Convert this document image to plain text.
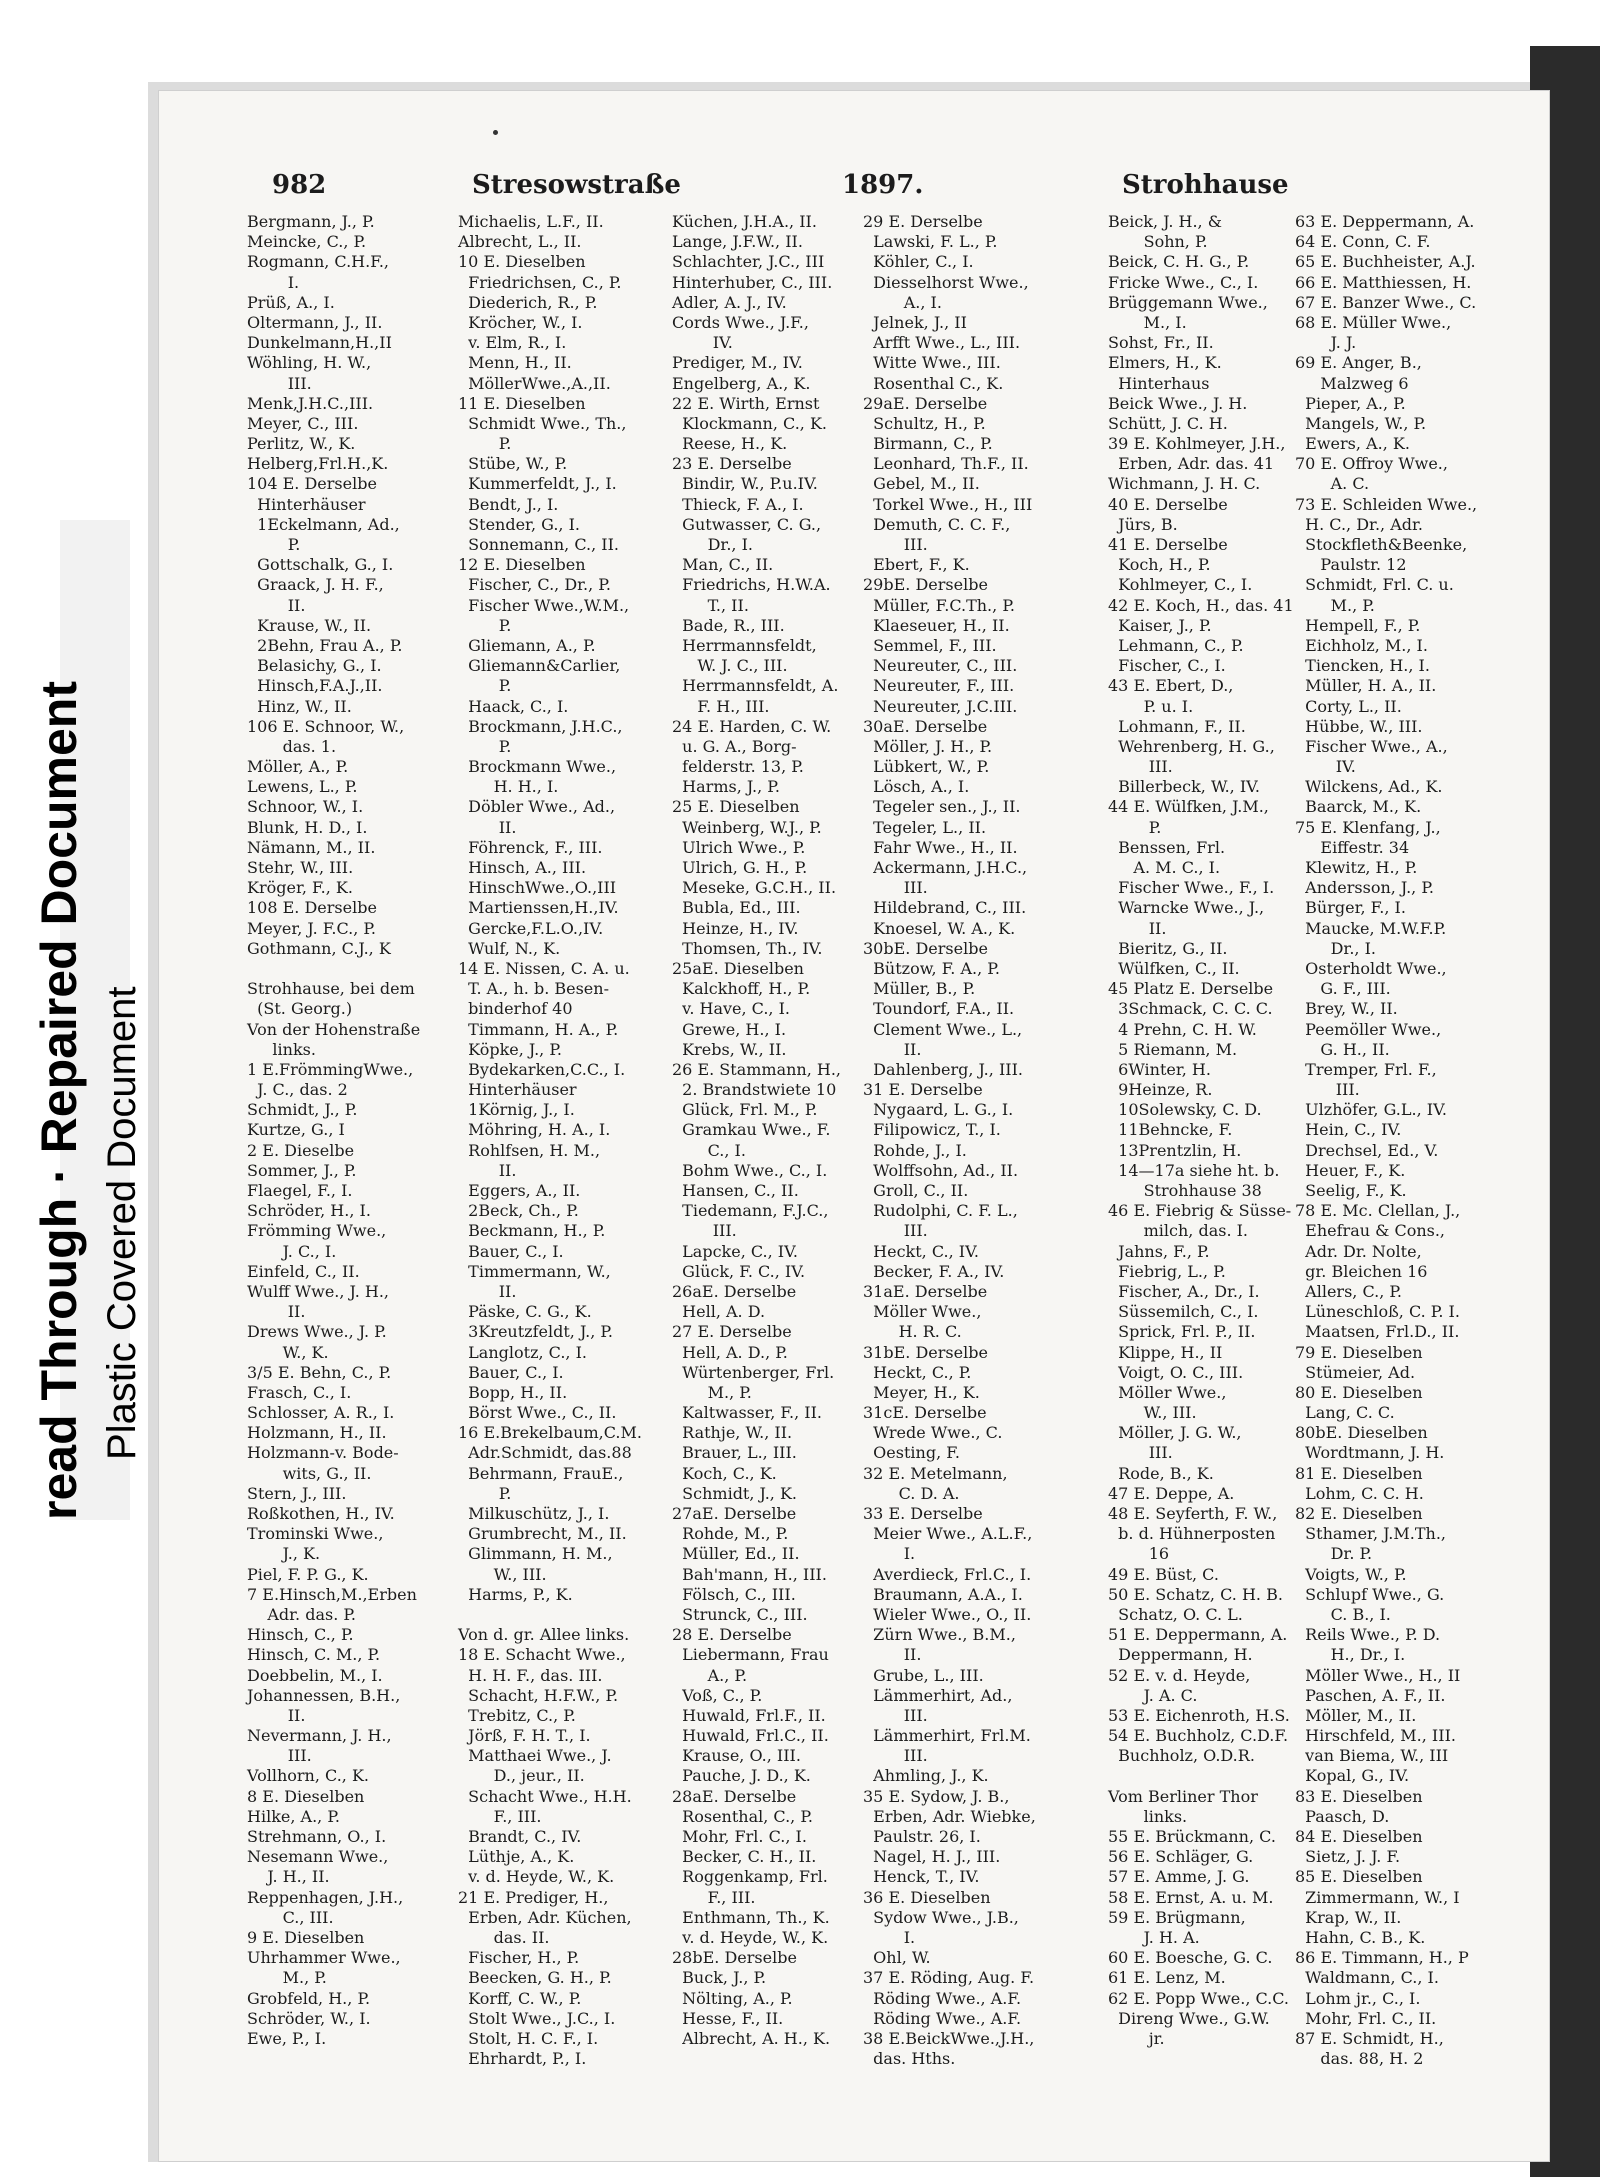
read Through · Repaired Document Plastic Covered Document
982	Stresowstraße	1897.	Strohhause
Bergmann, J., P.
Meincke, C., P.
Rogmann, C.H.F.,
I.
Prüß, A., I.
Oltermann, J., II.
Dunkelmann,H.,II
Wöhling, H. W.,
III.
Menk,J.H.C.,III.
Meyer, C., III.
Perlitz, W., K.
Helberg,Frl.H.,K.
104 E. Derselbe
Hinterhäuser
1Eckelmann, Ad.,
P.
Gottschalk, G., I.
Graack, J. H. F.,
II.
Krause, W., II.
2Behn, Frau A., P.
Belasichy, G., I.
Hinsch,F.A.J.,II.
Hinz, W., II.
106 E. Schnoor, W.,
das. 1.
Möller, A., P.
Lewens, L., P.
Schnoor, W., I.
Blunk, H. D., I.
Nämann, M., II.
Stehr, W., III.
Kröger, F., K.
108 E. Derselbe
Meyer, J. F.C., P.
Gothmann, C.J., K
Strohhause, bei dem
(St. Georg.)
Von der Hohenstraße
links.
1 E.FrömmingWwe.,
J. C., das. 2
Schmidt, J., P.
Kurtze, G., I
2 E. Dieselbe
Sommer, J., P.
Flaegel, F., I.
Schröder, H., I.
Frömming Wwe.,
J. C., I.
Einfeld, C., II.
Wulff Wwe., J. H.,
II.
Drews Wwe., J. P.
W., K.
3/5 E. Behn, C., P.
Frasch, C., I.
Schlosser, A. R., I.
Holzmann, H., II.
Holzmann-v. Bode-
wits, G., II.
Stern, J., III.
Roßkothen, H., IV.
Trominski Wwe.,
J., K.
Piel, F. P. G., K.
7 E.Hinsch,M.,Erben
Adr. das. P.
Hinsch, C., P.
Hinsch, C. M., P.
Doebbelin, M., I.
Johannessen, B.H.,
II.
Nevermann, J. H.,
III.
Vollhorn, C., K.
8 E. Dieselben
Hilke, A., P.
Strehmann, O., I.
Nesemann Wwe.,
J. H., II.
Reppenhagen, J.H.,
C., III.
9 E. Dieselben
Uhrhammer Wwe.,
M., P.
Grobfeld, H., P.
Schröder, W., I.
Ewe, P., I.
Michaelis, L.F., II.
Albrecht, L., II.
10 E. Dieselben
Friedrichsen, C., P.
Diederich, R., P.
Kröcher, W., I.
v. Elm, R., I.
Menn, H., II.
MöllerWwe.,A.,II.
11 E. Dieselben
Schmidt Wwe., Th.,
P.
Stübe, W., P.
Kummerfeldt, J., I.
Bendt, J., I.
Stender, G., I.
Sonnemann, C., II.
12 E. Dieselben
Fischer, C., Dr., P.
Fischer Wwe.,W.M.,
P.
Gliemann, A., P.
Gliemann&Carlier,
P.
Haack, C., I.
Brockmann, J.H.C.,
P.
Brockmann Wwe.,
H. H., I.
Döbler Wwe., Ad.,
II.
Föhrenck, F., III.
Hinsch, A., III.
HinschWwe.,O.,III
Martienssen,H.,IV.
Gercke,F.L.O.,IV.
Wulf, N., K.
14 E. Nissen, C. A. u.
T. A., h. b. Besen-
binderhof 40
Timmann, H. A., P.
Köpke, J., P.
Bydekarken,C.C., I.
Hinterhäuser
1Körnig, J., I.
Möhring, H. A., I.
Rohlfsen, H. M.,
II.
Eggers, A., II.
2Beck, Ch., P.
Beckmann, H., P.
Bauer, C., I.
Timmermann, W.,
II.
Päske, C. G., K.
3Kreutzfeldt, J., P.
Langlotz, C., I.
Bauer, C., I.
Bopp, H., II.
Börst Wwe., C., II.
16 E.Brekelbaum,C.M.
Adr.Schmidt, das.88
Behrmann, FrauE.,
P.
Milkuschütz, J., I.
Grumbrecht, M., II.
Glimmann, H. M.,
W., III.
Harms, P., K.
Von d. gr. Allee links.
18 E. Schacht Wwe.,
H. H. F., das. III.
Schacht, H.F.W., P.
Trebitz, C., P.
Jörß, F. H. T., I.
Matthaei Wwe., J.
D., jeur., II.
Schacht Wwe., H.H.
F., III.
Brandt, C., IV.
Lüthje, A., K.
v. d. Heyde, W., K.
21 E. Prediger, H.,
Erben, Adr. Küchen,
das. II.
Fischer, H., P.
Beecken, G. H., P.
Korff, C. W., P.
Stolt Wwe., J.C., I.
Stolt, H. C. F., I.
Ehrhardt, P., I.
Küchen, J.H.A., II.
Lange, J.F.W., II.
Schlachter, J.C., III
Hinterhuber, C., III.
Adler, A. J., IV.
Cords Wwe., J.F.,
IV.
Prediger, M., IV.
Engelberg, A., K.
22 E. Wirth, Ernst
Klockmann, C., K.
Reese, H., K.
23 E. Derselbe
Bindir, W., P.u.IV.
Thieck, F. A., I.
Gutwasser, C. G.,
Dr., I.
Man, C., II.
Friedrichs, H.W.A.
T., II.
Bade, R., III.
Herrmannsfeldt,
W. J. C., III.
Herrmannsfeldt, A.
F. H., III.
24 E. Harden, C. W.
u. G. A., Borg-
felderstr. 13, P.
Harms, J., P.
25 E. Dieselben
Weinberg, W.J., P.
Ulrich Wwe., P.
Ulrich, G. H., P.
Meseke, G.C.H., II.
Bubla, Ed., III.
Heinze, H., IV.
Thomsen, Th., IV.
25aE. Dieselben
Kalckhoff, H., P.
v. Have, C., I.
Grewe, H., I.
Krebs, W., II.
26 E. Stammann, H.,
2. Brandstwiete 10
Glück, Frl. M., P.
Gramkau Wwe., F.
C., I.
Bohm Wwe., C., I.
Hansen, C., II.
Tiedemann, F.J.C.,
III.
Lapcke, C., IV.
Glück, F. C., IV.
26aE. Derselbe
Hell, A. D.
27 E. Derselbe
Hell, A. D., P.
Würtenberger, Frl.
M., P.
Kaltwasser, F., II.
Rathje, W., II.
Brauer, L., III.
Koch, C., K.
Schmidt, J., K.
27aE. Derselbe
Rohde, M., P.
Müller, Ed., II.
Bah'mann, H., III.
Fölsch, C., III.
Strunck, C., III.
28 E. Derselbe
Liebermann, Frau
A., P.
Voß, C., P.
Huwald, Frl.F., II.
Huwald, Frl.C., II.
Krause, O., III.
Pauche, J. D., K.
28aE. Derselbe
Rosenthal, C., P.
Mohr, Frl. C., I.
Becker, C. H., II.
Roggenkamp, Frl.
F., III.
Enthmann, Th., K.
v. d. Heyde, W., K.
28bE. Derselbe
Buck, J., P.
Nölting, A., P.
Hesse, F., II.
Albrecht, A. H., K.
29 E. Derselbe
Lawski, F. L., P.
Köhler, C., I.
Diesselhorst Wwe.,
A., I.
Jelnek, J., II
Arfft Wwe., L., III.
Witte Wwe., III.
Rosenthal C., K.
29aE. Derselbe
Schultz, H., P.
Birmann, C., P.
Leonhard, Th.F., II.
Gebel, M., II.
Torkel Wwe., H., III
Demuth, C. C. F.,
III.
Ebert, F., K.
29bE. Derselbe
Müller, F.C.Th., P.
Klaeseuer, H., II.
Semmel, F., III.
Neureuter, C., III.
Neureuter, F., III.
Neureuter, J.C.III.
30aE. Derselbe
Möller, J. H., P.
Lübkert, W., P.
Lösch, A., I.
Tegeler sen., J., II.
Tegeler, L., II.
Fahr Wwe., H., II.
Ackermann, J.H.C.,
III.
Hildebrand, C., III.
Knoesel, W. A., K.
30bE. Derselbe
Bützow, F. A., P.
Müller, B., P.
Toundorf, F.A., II.
Clement Wwe., L.,
II.
Dahlenberg, J., III.
31 E. Derselbe
Nygaard, L. G., I.
Filipowicz, T., I.
Rohde, J., I.
Wolffsohn, Ad., II.
Groll, C., II.
Rudolphi, C. F. L.,
III.
Heckt, C., IV.
Becker, F. A., IV.
31aE. Derselbe
Möller Wwe.,
H. R. C.
31bE. Derselbe
Heckt, C., P.
Meyer, H., K.
31cE. Derselbe
Wrede Wwe., C.
Oesting, F.
32 E. Metelmann,
C. D. A.
33 E. Derselbe
Meier Wwe., A.L.F.,
I.
Averdieck, Frl.C., I.
Braumann, A.A., I.
Wieler Wwe., O., II.
Zürn Wwe., B.M.,
II.
Grube, L., III.
Lämmerhirt, Ad.,
III.
Lämmerhirt, Frl.M.
III.
Ahmling, J., K.
35 E. Sydow, J. B.,
Erben, Adr. Wiebke,
Paulstr. 26, I.
Nagel, H. J., III.
Henck, T., IV.
36 E. Dieselben
Sydow Wwe., J.B.,
I.
Ohl, W.
37 E. Röding, Aug. F.
Röding Wwe., A.F.
Röding Wwe., A.F.
38 E.BeickWwe.,J.H.,
das. Hths.
Beick, J. H., &
Sohn, P.
Beick, C. H. G., P.
Fricke Wwe., C., I.
Brüggemann Wwe.,
M., I.
Sohst, Fr., II.
Elmers, H., K.
Hinterhaus
Beick Wwe., J. H.
Schütt, J. C. H.
39 E. Kohlmeyer, J.H.,
Erben, Adr. das. 41
Wichmann, J. H. C.
40 E. Derselbe
Jürs, B.
41 E. Derselbe
Koch, H., P.
Kohlmeyer, C., I.
42 E. Koch, H., das. 41
Kaiser, J., P.
Lehmann, C., P.
Fischer, C., I.
43 E. Ebert, D.,
P. u. I.
Lohmann, F., II.
Wehrenberg, H. G.,
III.
Billerbeck, W., IV.
44 E. Wülfken, J.M.,
P.
Benssen, Frl.
A. M. C., I.
Fischer Wwe., F., I.
Warncke Wwe., J.,
II.
Bieritz, G., II.
Wülfken, C., II.
45 Platz E. Derselbe
3Schmack, C. C. C.
4 Prehn, C. H. W.
5 Riemann, M.
6Winter, H.
9Heinze, R.
10Solewsky, C. D.
11Behncke, F.
13Prentzlin, H.
14—17a siehe ht. b.
Strohhause 38
46 E. Fiebrig & Süsse-
milch, das. I.
Jahns, F., P.
Fiebrig, L., P.
Fischer, A., Dr., I.
Süssemilch, C., I.
Sprick, Frl. P., II.
Klippe, H., II
Voigt, O. C., III.
Möller Wwe.,
W., III.
Möller, J. G. W.,
III.
Rode, B., K.
47 E. Deppe, A.
48 E. Seyferth, F. W.,
b. d. Hühnerposten
16
49 E. Büst, C.
50 E. Schatz, C. H. B.
Schatz, O. C. L.
51 E. Deppermann, A.
Deppermann, H.
52 E. v. d. Heyde,
J. A. C.
53 E. Eichenroth, H.S.
54 E. Buchholz, C.D.F.
Buchholz, O.D.R.
Vom Berliner Thor
links.
55 E. Brückmann, C.
56 E. Schläger, G.
57 E. Amme, J. G.
58 E. Ernst, A. u. M.
59 E. Brügmann,
J. H. A.
60 E. Boesche, G. C.
61 E. Lenz, M.
62 E. Popp Wwe., C.C.
Direng Wwe., G.W.
jr.
63 E. Deppermann, A.
64 E. Conn, C. F.
65 E. Buchheister, A.J.
66 E. Matthiessen, H.
67 E. Banzer Wwe., C.
68 E. Müller Wwe.,
J. J.
69 E. Anger, B.,
Malzweg 6
Pieper, A., P.
Mangels, W., P.
Ewers, A., K.
70 E. Offroy Wwe.,
A. C.
73 E. Schleiden Wwe.,
H. C., Dr., Adr.
Stockfleth&Beenke,
Paulstr. 12
Schmidt, Frl. C. u.
M., P.
Hempell, F., P.
Eichholz, M., I.
Tiencken, H., I.
Müller, H. A., II.
Corty, L., II.
Hübbe, W., III.
Fischer Wwe., A.,
IV.
Wilckens, Ad., K.
Baarck, M., K.
75 E. Klenfang, J.,
Eiffestr. 34
Klewitz, H., P.
Andersson, J., P.
Bürger, F., I.
Maucke, M.W.F.P.
Dr., I.
Osterholdt Wwe.,
G. F., III.
Brey, W., II.
Peemöller Wwe.,
G. H., II.
Tremper, Frl. F.,
III.
Ulzhöfer, G.L., IV.
Hein, C., IV.
Drechsel, Ed., V.
Heuer, F., K.
Seelig, F., K.
78 E. Mc. Clellan, J.,
Ehefrau & Cons.,
Adr. Dr. Nolte,
gr. Bleichen 16
Allers, C., P.
Lüneschloß, C. P. I.
Maatsen, Frl.D., II.
79 E. Dieselben
Stümeier, Ad.
80 E. Dieselben
Lang, C. C.
80bE. Dieselben
Wordtmann, J. H.
81 E. Dieselben
Lohm, C. C. H.
82 E. Dieselben
Sthamer, J.M.Th.,
Dr. P.
Voigts, W., P.
Schlupf Wwe., G.
C. B., I.
Reils Wwe., P. D.
H., Dr., I.
Möller Wwe., H., II
Paschen, A. F., II.
Möller, M., II.
Hirschfeld, M., III.
van Biema, W., III
Kopal, G., IV.
83 E. Dieselben
Paasch, D.
84 E. Dieselben
Sietz, J. J. F.
85 E. Dieselben
Zimmermann, W., I
Krap, W., II.
Hahn, C. B., K.
86 E. Timmann, H., P
Waldmann, C., I.
Lohm jr., C., I.
Mohr, Frl. C., II.
87 E. Schmidt, H.,
das. 88, H. 2
